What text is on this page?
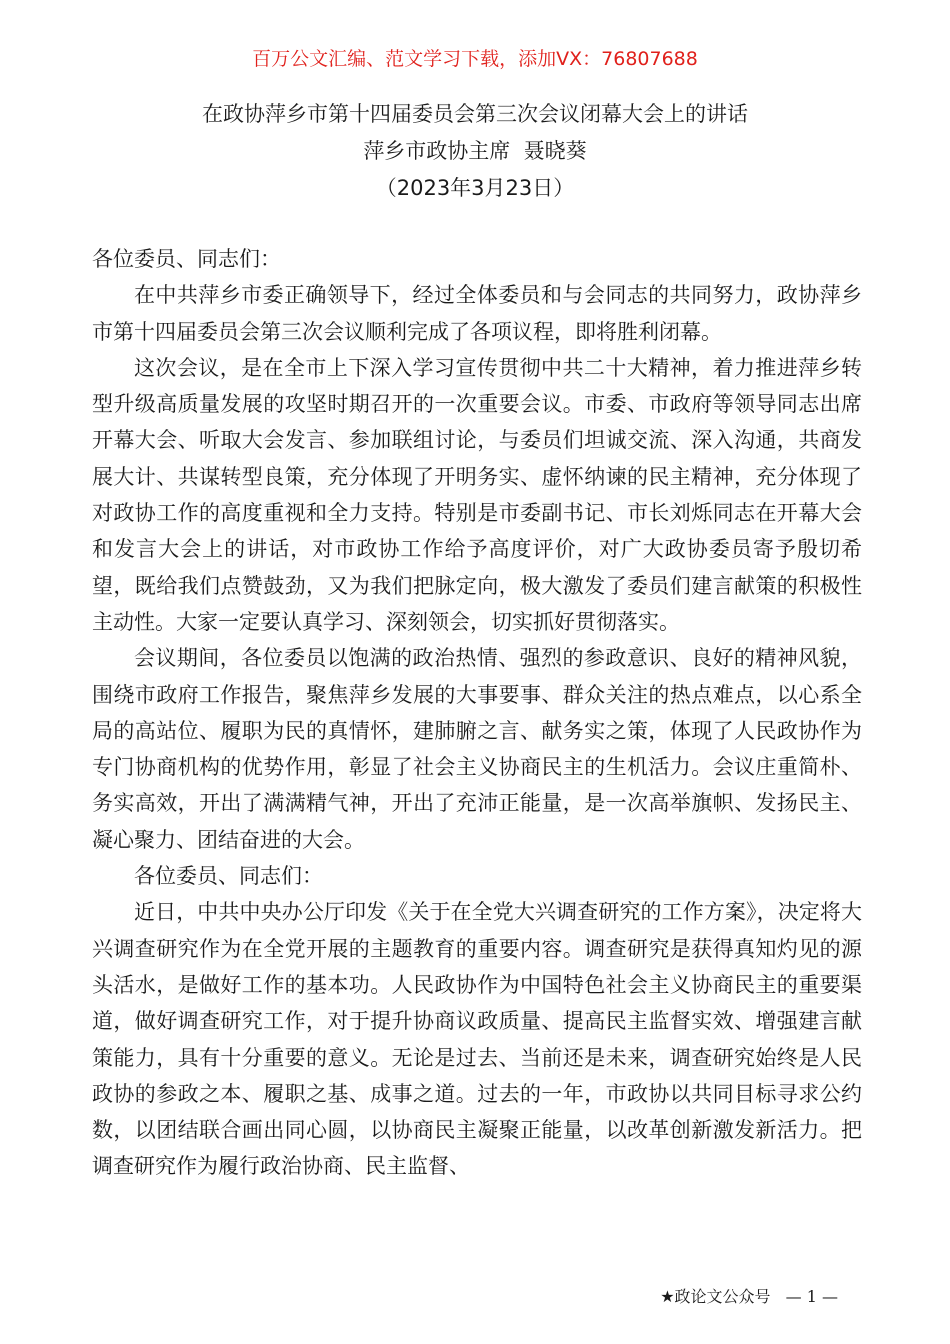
百万公文汇编、范文学习下载，添加VX：76807688
在政协萍乡市第十四届委员会第三次会议闭幕大会上的讲话
萍乡市政协主席  聂晓葵
（2023年3月23日）

各位委员、同志们：

在中共萍乡市委正确领导下，经过全体委员和与会同志的共同努力，政协萍乡市第十四届委员会第三次会议顺利完成了各项议程，即将胜利闭幕。

这次会议，是在全市上下深入学习宣传贯彻中共二十大精神，着力推进萍乡转型升级高质量发展的攻坚时期召开的一次重要会议。市委、市政府等领导同志出席开幕大会、听取大会发言、参加联组讨论，与委员们坦诚交流、深入沟通，共商发展大计、共谋转型良策，充分体现了开明务实、虚怀纳谏的民主精神，充分体现了对政协工作的高度重视和全力支持。特别是市委副书记、市长刘烁同志在开幕大会和发言大会上的讲话，对市政协工作给予高度评价，对广大政协委员寄予殷切希望，既给我们点赞鼓劲，又为我们把脉定向，极大激发了委员们建言献策的积极性主动性。大家一定要认真学习、深刻领会，切实抓好贯彻落实。

会议期间，各位委员以饱满的政治热情、强烈的参政意识、良好的精神风貌，围绕市政府工作报告，聚焦萍乡发展的大事要事、群众关注的热点难点，以心系全局的高站位、履职为民的真情怀，建肺腑之言、献务实之策，体现了人民政协作为专门协商机构的优势作用，彰显了社会主义协商民主的生机活力。会议庄重简朴、务实高效，开出了满满精气神，开出了充沛正能量，是一次高举旗帜、发扬民主、凝心聚力、团结奋进的大会。

各位委员、同志们：

近日，中共中央办公厅印发《关于在全党大兴调查研究的工作方案》，决定将大兴调查研究作为在全党开展的主题教育的重要内容。调查研究是获得真知灼见的源头活水，是做好工作的基本功。人民政协作为中国特色社会主义协商民主的重要渠道，做好调查研究工作，对于提升协商议政质量、提高民主监督实效、增强建言献策能力，具有十分重要的意义。无论是过去、当前还是未来，调查研究始终是人民政协的参政之本、履职之基、成事之道。过去的一年，市政协以共同目标寻求公约数，以团结联合画出同心圆，以协商民主凝聚正能量，以改革创新激发新活力。把调查研究作为履行政治协商、民主监督、

★政论文公众号 — 1 —
